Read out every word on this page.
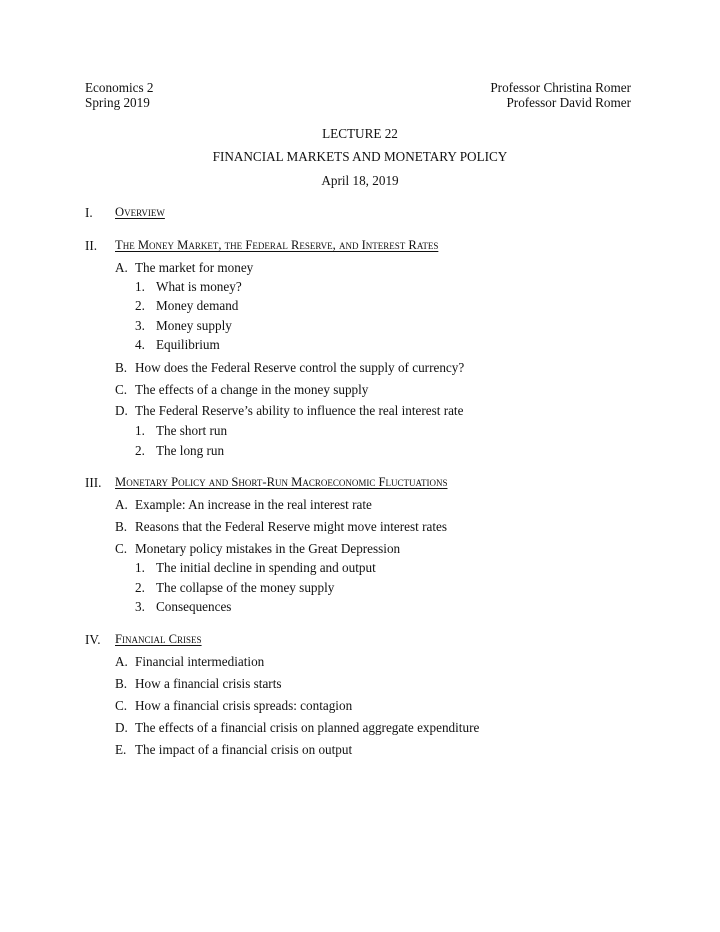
Economics 2
Spring 2019
Professor Christina Romer
Professor David Romer
LECTURE 22
FINANCIAL MARKETS AND MONETARY POLICY
April 18, 2019
I. Overview
II. The Money Market, the Federal Reserve, and Interest Rates
A. The market for money
1. What is money?
2. Money demand
3. Money supply
4. Equilibrium
B. How does the Federal Reserve control the supply of currency?
C. The effects of a change in the money supply
D. The Federal Reserve’s ability to influence the real interest rate
1. The short run
2. The long run
III. Monetary Policy and Short-Run Macroeconomic Fluctuations
A. Example: An increase in the real interest rate
B. Reasons that the Federal Reserve might move interest rates
C. Monetary policy mistakes in the Great Depression
1. The initial decline in spending and output
2. The collapse of the money supply
3. Consequences
IV. Financial Crises
A. Financial intermediation
B. How a financial crisis starts
C. How a financial crisis spreads: contagion
D. The effects of a financial crisis on planned aggregate expenditure
E. The impact of a financial crisis on output
